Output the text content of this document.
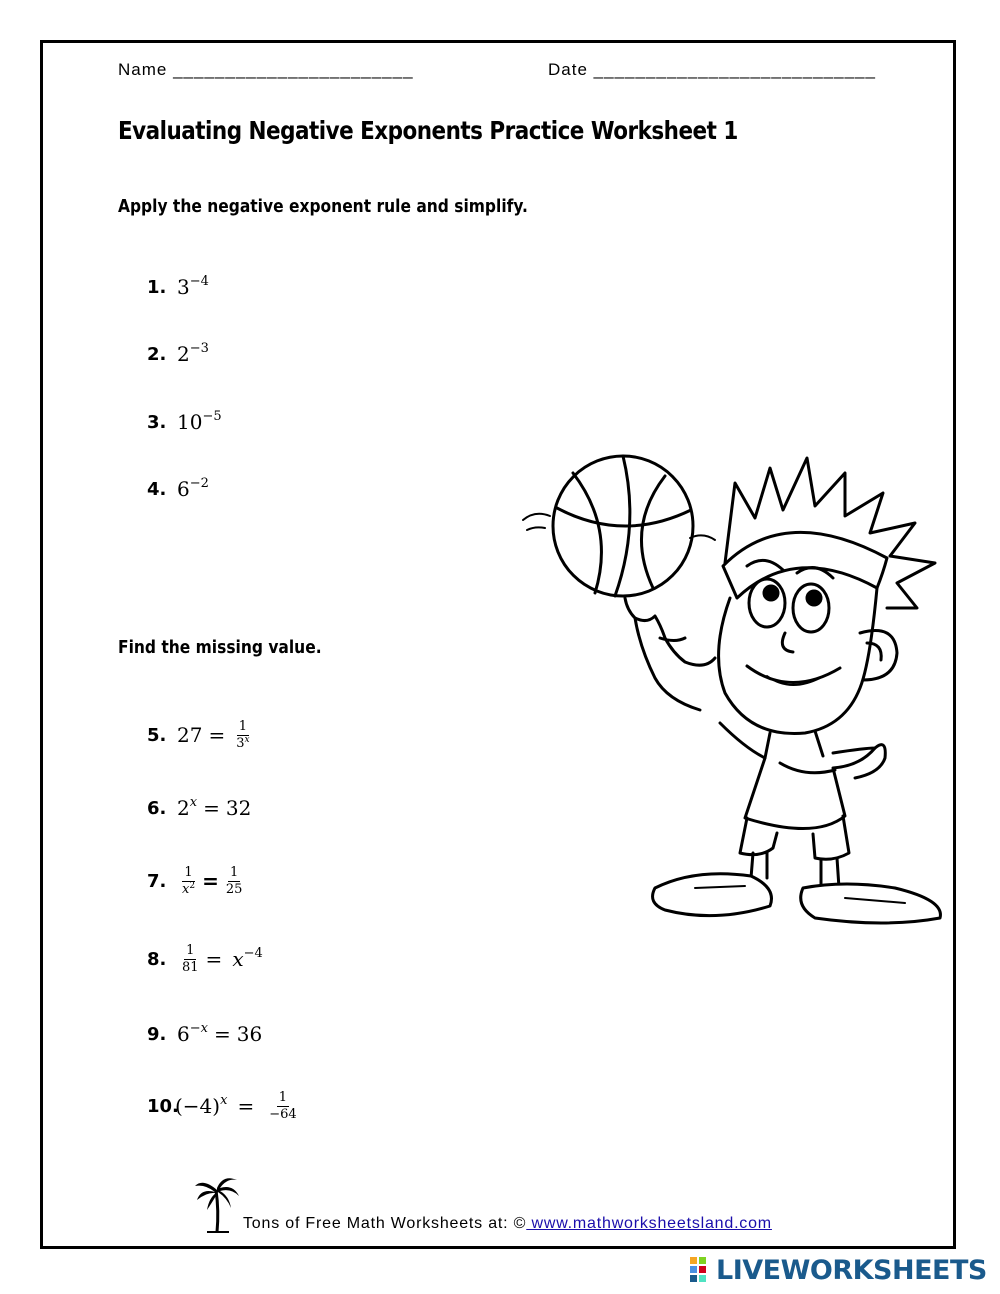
Name _______________________	Date ___________________________
Evaluating Negative Exponents Practice Worksheet 1
Apply the negative exponent rule and simplify.
1. $3^{-4}$
2. $2^{-3}$
3. $10^{-5}$
4. $6^{-2}$
Find the missing value.
5. $27 = \frac{1}{3^x}$
6. $2^x = 32$
7.	$\frac{1}{x^2} = \frac{1}{25}$
8.	$\frac{1}{81} = x^{-4}$
9. $6^{-x} = 36$
10.
$(-4)^x$ =	$\frac{1}{-64}$
Tons of Free Math Worksheets at: © www.mathworksheetsland.com
LIVEWORKSHEETS
